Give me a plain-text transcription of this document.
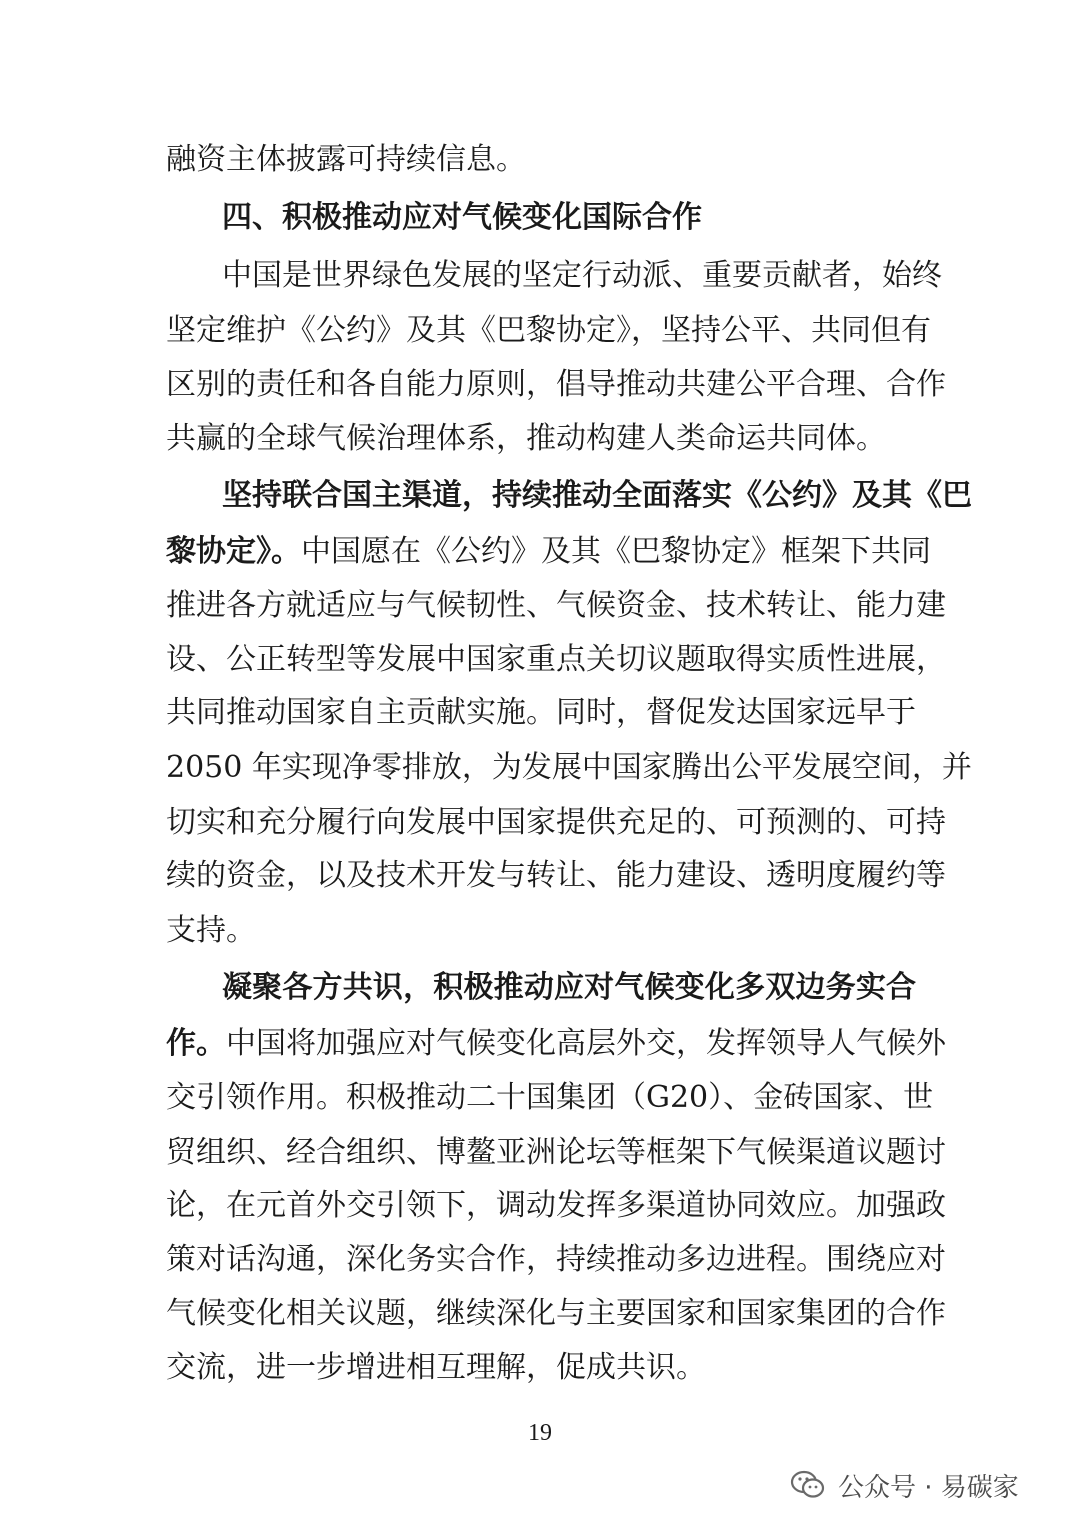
融资主体披露可持续信息。
四、积极推动应对气候变化国际合作
中国是世界绿色发展的坚定行动派、重要贡献者，始终
坚定维护《公约》及其《巴黎协定》，坚持公平、共同但有
区别的责任和各自能力原则，倡导推动共建公平合理、合作
共赢的全球气候治理体系，推动构建人类命运共同体。
坚持联合国主渠道，持续推动全面落实《公约》及其《巴
黎协定》。中国愿在《公约》及其《巴黎协定》框架下共同
推进各方就适应与气候韧性、气候资金、技术转让、能力建
设、公正转型等发展中国家重点关切议题取得实质性进展，
共同推动国家自主贡献实施。同时，督促发达国家远早于
2050 年实现净零排放，为发展中国家腾出公平发展空间，并
切实和充分履行向发展中国家提供充足的、可预测的、可持
续的资金，以及技术开发与转让、能力建设、透明度履约等
支持。
凝聚各方共识，积极推动应对气候变化多双边务实合
作。中国将加强应对气候变化高层外交，发挥领导人气候外
交引领作用。积极推动二十国集团（G20）、金砖国家、世
贸组织、经合组织、博鳌亚洲论坛等框架下气候渠道议题讨
论，在元首外交引领下，调动发挥多渠道协同效应。加强政
策对话沟通，深化务实合作，持续推动多边进程。围绕应对
气候变化相关议题，继续深化与主要国家和国家集团的合作
交流，进一步增进相互理解，促成共识。
19
公众号 · 易碳家
